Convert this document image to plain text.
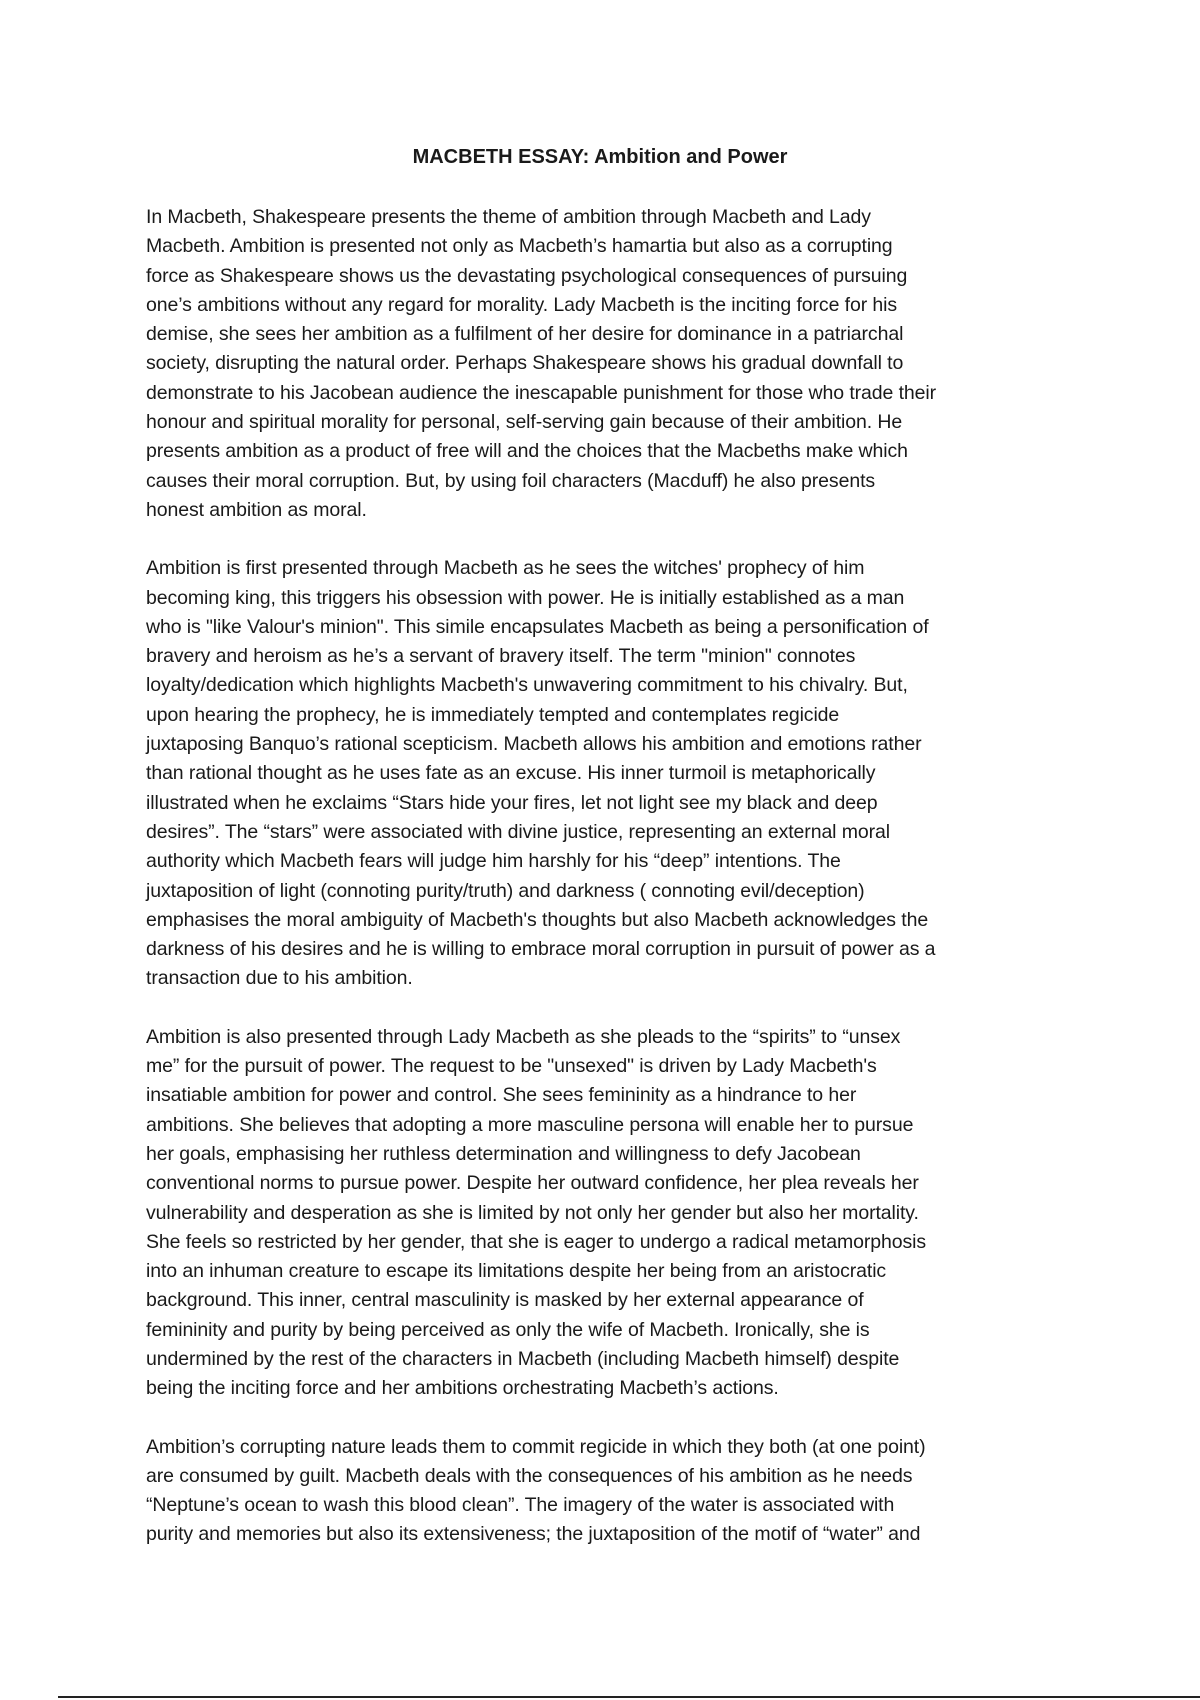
MACBETH ESSAY: Ambition and Power

In Macbeth, Shakespeare presents the theme of ambition through Macbeth and Lady
Macbeth. Ambition is presented not only as Macbeth’s hamartia but also as a corrupting
force as Shakespeare shows us the devastating psychological consequences of pursuing
one’s ambitions without any regard for morality. Lady Macbeth is the inciting force for his
demise, she sees her ambition as a fulfilment of her desire for dominance in a patriarchal
society, disrupting the natural order. Perhaps Shakespeare shows his gradual downfall to
demonstrate to his Jacobean audience the inescapable punishment for those who trade their
honour and spiritual morality for personal, self-serving gain because of their ambition. He
presents ambition as a product of free will and the choices that the Macbeths make which
causes their moral corruption. But, by using foil characters (Macduff) he also presents
honest ambition as moral.

Ambition is first presented through Macbeth as he sees the witches' prophecy of him
becoming king, this triggers his obsession with power. He is initially established as a man
who is "like Valour's minion". This simile encapsulates Macbeth as being a personification of
bravery and heroism as he’s a servant of bravery itself. The term "minion" connotes
loyalty/dedication which highlights Macbeth's unwavering commitment to his chivalry. But,
upon hearing the prophecy, he is immediately tempted and contemplates regicide
juxtaposing Banquo’s rational scepticism. Macbeth allows his ambition and emotions rather
than rational thought as he uses fate as an excuse. His inner turmoil is metaphorically
illustrated when he exclaims “Stars hide your fires, let not light see my black and deep
desires”. The “stars” were associated with divine justice, representing an external moral
authority which Macbeth fears will judge him harshly for his “deep” intentions. The
juxtaposition of light (connoting purity/truth) and darkness ( connoting evil/deception)
emphasises the moral ambiguity of Macbeth's thoughts but also Macbeth acknowledges the
darkness of his desires and he is willing to embrace moral corruption in pursuit of power as a
transaction due to his ambition.

Ambition is also presented through Lady Macbeth as she pleads to the “spirits” to “unsex
me” for the pursuit of power. The request to be "unsexed" is driven by Lady Macbeth's
insatiable ambition for power and control. She sees femininity as a hindrance to her
ambitions. She believes that adopting a more masculine persona will enable her to pursue
her goals, emphasising her ruthless determination and willingness to defy Jacobean
conventional norms to pursue power. Despite her outward confidence, her plea reveals her
vulnerability and desperation as she is limited by not only her gender but also her mortality.
She feels so restricted by her gender, that she is eager to undergo a radical metamorphosis
into an inhuman creature to escape its limitations despite her being from an aristocratic
background. This inner, central masculinity is masked by her external appearance of
femininity and purity by being perceived as only the wife of Macbeth. Ironically, she is
undermined by the rest of the characters in Macbeth (including Macbeth himself) despite
being the inciting force and her ambitions orchestrating Macbeth’s actions.

Ambition’s corrupting nature leads them to commit regicide in which they both (at one point)
are consumed by guilt. Macbeth deals with the consequences of his ambition as he needs
“Neptune’s ocean to wash this blood clean”. The imagery of the water is associated with
purity and memories but also its extensiveness; the juxtaposition of the motif of “water” and
